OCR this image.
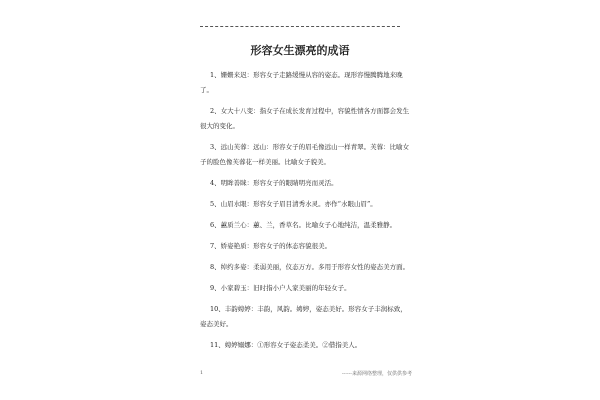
形容女生漂亮的成语
1、姗姗来迟：形容女子走路缓慢从容的姿态。现形容慢腾腾地来晚了。
2、女大十八变：指女子在成长发育过程中，容貌性情各方面都会发生很大的变化。
3、远山芙蓉：远山：形容女子的眉毛像远山一样青翠。芙蓉：比喻女子的脸色像芙蓉花一样美丽。比喻女子貌美。
4、明眸善睐：形容女子的眼睛明亮而灵活。
5、山眉水眼：形容女子眉目清秀水灵。亦作“水眼山眉”。
6、蕙质兰心：蕙、兰，香草名。比喻女子心地纯洁，温柔雅静。
7、娇姿艳质：形容女子的体态容貌很美。
8、绰约多姿：柔弱美丽，仪态万方。多用于形容女性的姿态美方面。
9、小家碧玉：旧时指小户人家美丽的年轻女子。
10、丰韵娉婷：丰韵，风韵。娉婷，姿态美好。形容女子丰润标致，姿态美好。
11、娉婷嫋娜：①形容女子姿态柔美。②借指美人。
1	------来源网络整理，仅供供参考
